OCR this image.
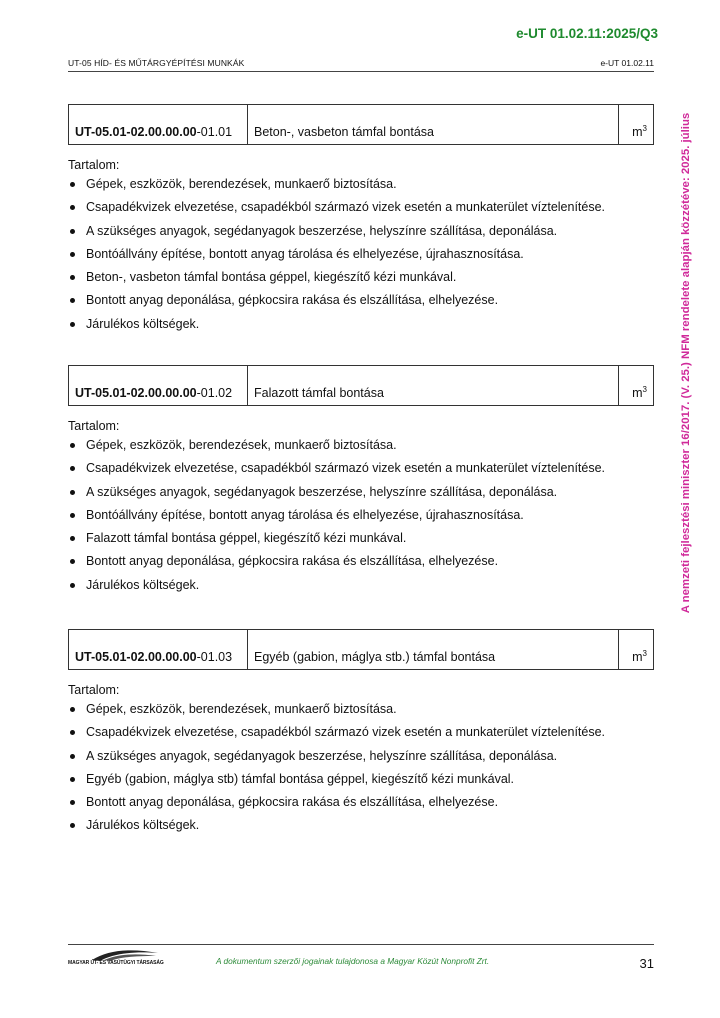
e-UT 01.02.11:2025/Q3
UT-05 HÍD- ÉS MŰTÁRGYÉPÍTÉSI MUNKÁK	e-UT 01.02.11
UT-05.01-02.00.00.00-01.01	Beton-, vasbeton támfal bontása	$m^3$
Tartalom:
Gépek, eszközök, berendezések, munkaerő biztosítása.
Csapadékvizek elvezetése, csapadékból származó vizek esetén a munkaterület víztelenítése.
A szükséges anyagok, segédanyagok beszerzése, helyszínre szállítása, deponálása.
Bontóállvány építése, bontott anyag tárolása és elhelyezése, újrahasznosítása.
Beton-, vasbeton támfal bontása géppel, kiegészítő kézi munkával.
Bontott anyag deponálása, gépkocsira rakása és elszállítása, elhelyezése.
Járulékos költségek.
UT-05.01-02.00.00.00-01.02	Falazott támfal bontása	$m^3$
Tartalom:
Gépek, eszközök, berendezések, munkaerő biztosítása.
Csapadékvizek elvezetése, csapadékból származó vizek esetén a munkaterület víztelenítése.
A szükséges anyagok, segédanyagok beszerzése, helyszínre szállítása, deponálása.
Bontóállvány építése, bontott anyag tárolása és elhelyezése, újrahasznosítása.
Falazott támfal bontása géppel, kiegészítő kézi munkával.
Bontott anyag deponálása, gépkocsira rakása és elszállítása, elhelyezése.
Járulékos költségek.
UT-05.01-02.00.00.00-01.03	Egyéb (gabion, máglya stb.) támfal bontása	$m^3$
Tartalom:
Gépek, eszközök, berendezések, munkaerő biztosítása.
Csapadékvizek elvezetése, csapadékból származó vizek esetén a munkaterület víztelenítése.
A szükséges anyagok, segédanyagok beszerzése, helyszínre szállítása, deponálása.
Egyéb (gabion, máglya stb) támfal bontása géppel, kiegészítő kézi munkával.
Bontott anyag deponálása, gépkocsira rakása és elszállítása, elhelyezése.
Járulékos költségek.
A nemzeti fejlesztési miniszter 16/2017. (V. 25.) NFM rendelete alapján közzétéve: 2025. július
MAGYAR ÚT- ÉS VASÚTÜGYI TÁRSASÁG	A dokumentum szerzői jogainak tulajdonosa a Magyar Közút Nonprofit Zrt.	31
